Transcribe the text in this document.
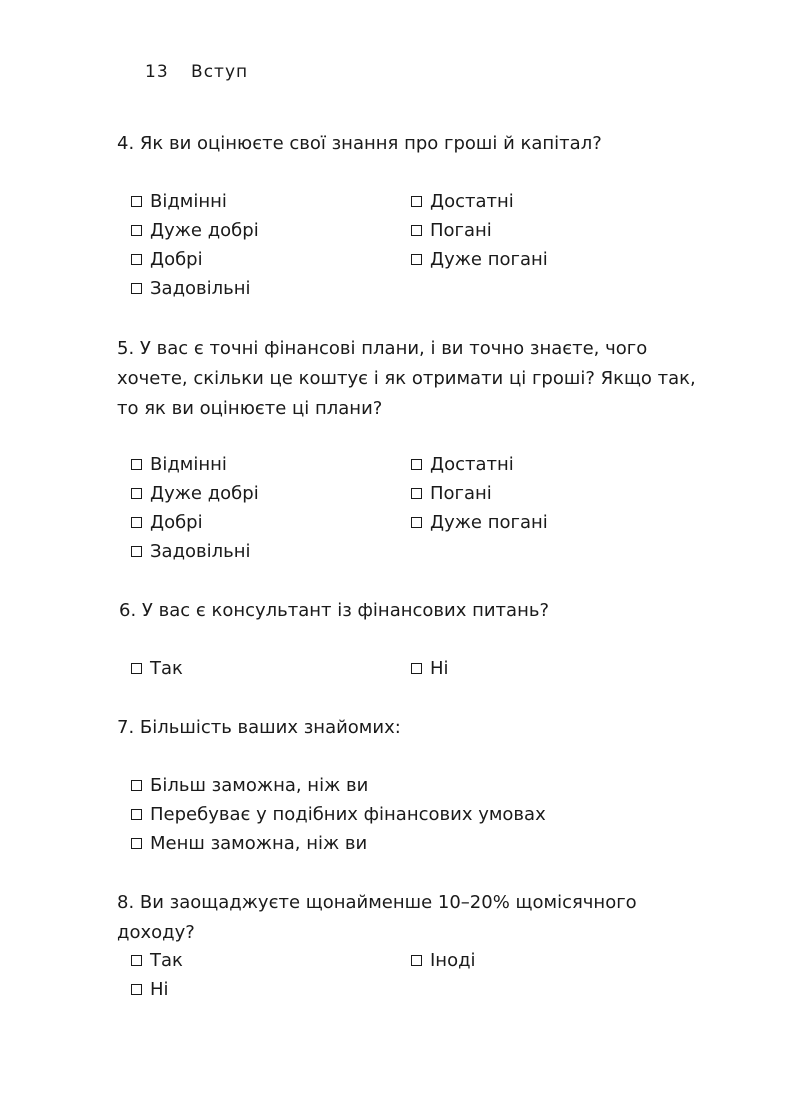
13 Вступ
4. Як ви оцінюєте свої знання про гроші й капітал?
Відмінні
Дуже добрі
Добрі
Задовільні
Достатні
Погані
Дуже погані
5. У вас є точні фінансові плани, і ви точно знаєте, чого хочете, скільки це коштує і як отримати ці гроші? Якщо так, то як ви оцінюєте ці плани?
Відмінні
Дуже добрі
Добрі
Задовільні
Достатні
Погані
Дуже погані
6. У вас є консультант із фінансових питань?
Так	Ні
7. Більшість ваших знайомих:
Більш заможна, ніж ви
Перебуває у подібних фінансових умовах
Менш заможна, ніж ви
8. Ви заощаджуєте щонайменше 10–20% щомісячного доходу?
Так
Ні
Іноді
